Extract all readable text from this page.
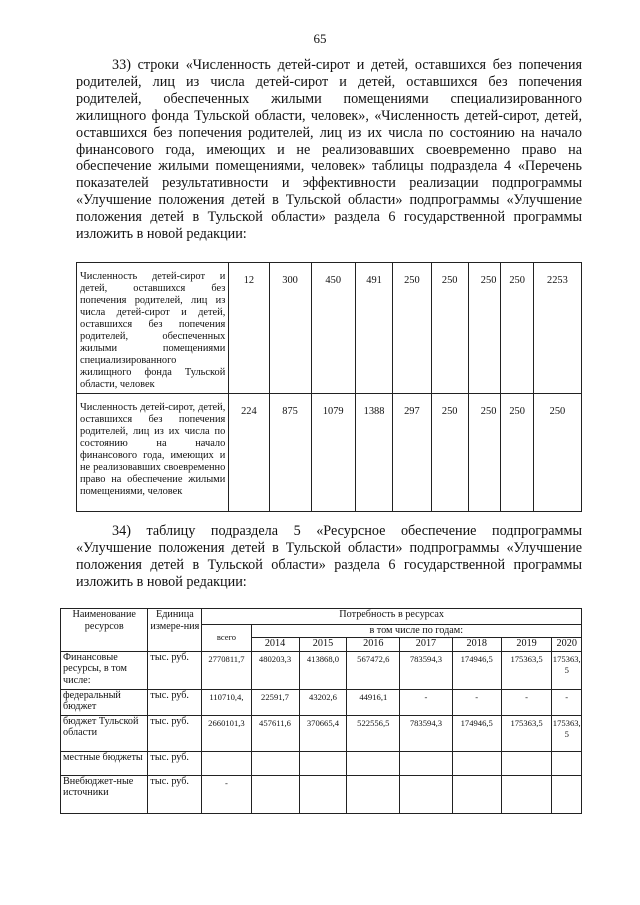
65
33) строки «Численность детей-сирот и детей, оставшихся без попечения родителей, лиц из числа детей-сирот и детей, оставшихся без попечения родителей, обеспеченных жилыми помещениями специализированного жилищного фонда Тульской области, человек», «Численность детей-сирот, детей, оставшихся без попечения родителей, лиц из их числа по состоянию на начало финансового года, имеющих и не реализовавших своевременно право на обеспечение жилыми помещениями, человек» таблицы подраздела 4 «Перечень показателей результативности и эффективности реализации подпрограммы «Улучшение положения детей в Тульской области» подпрограммы «Улучшение положения детей в Тульской области» раздела 6 государственной программы изложить в новой редакции:
Численность детей-сирот и детей, оставшихся без попечения родителей, лиц из числа детей-сирот и детей, оставшихся без попечения родителей, обеспеченных жилыми помещениями специализированного жилищного фонда Тульской области, человек	12	300	450	491	250	250	250	250	2253
Численность детей-сирот, детей, оставшихся без попечения родителей, лиц из их числа по состоянию на начало финансового года, имеющих и не реализовавших своевременно право на обеспечение жилыми помещениями, человек	224	875	1079	1388	297	250	250	250	250
34) таблицу подраздела 5 «Ресурсное обеспечение подпрограммы «Улучшение положения детей в Тульской области» подпрограммы «Улучшение положения детей в Тульской области» раздела 6 государственной программы изложить в новой редакции:
Наименование ресурсов	Единица измере-ния	Потребность в ресурсах							
		всего	в том числе по годам:						
			2014	2015	2016	2017	2018	2019	2020
Финансовые ресурсы, в том числе:	тыс. руб.	2770811,7	480203,3	413868,0	567472,6	783594,3	174946,5	175363,5	175363,5
федеральный бюджет	тыс. руб.	110710,4,	22591,7	43202,6	44916,1	-	-	-	-
бюджет Тульской области	тыс. руб.	2660101,3	457611,6	370665,4	522556,5	783594,3	174946,5	175363,5	175363,5
местные бюджеты	тыс. руб.								
Внебюджет-ные источники	тыс. руб.	-							
